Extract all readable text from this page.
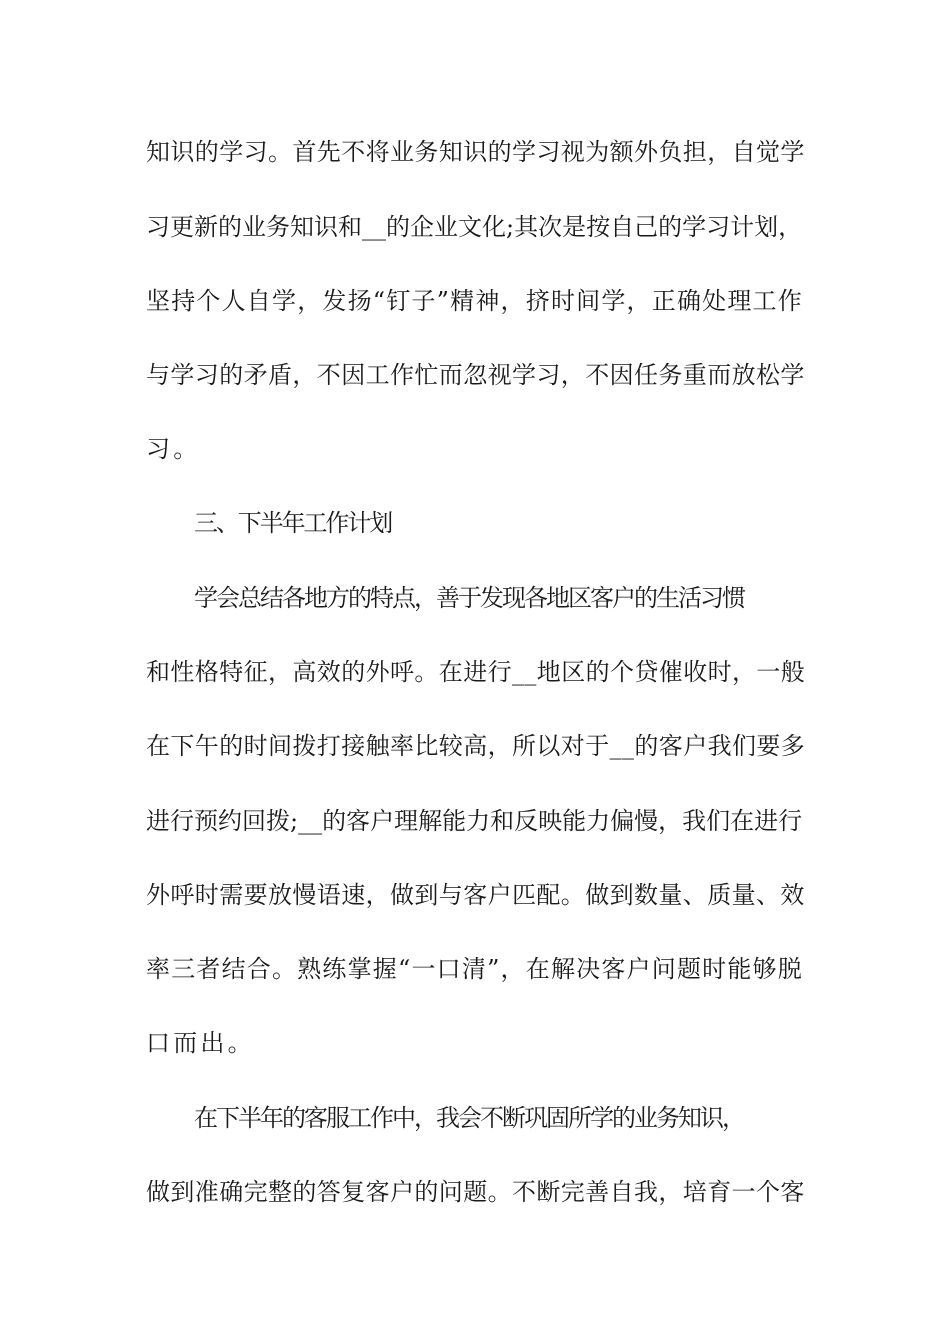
知识的学习。首先不将业务知识的学习视为额外负担，自觉学
习更新的业务知识和__的企业文化;其次是按自己的学习计划，
坚持个人自学，发扬“钉子”精神，挤时间学，正确处理工作
与学习的矛盾，不因工作忙而忽视学习，不因任务重而放松学
习。
三、下半年工作计划
学会总结各地方的特点，善于发现各地区客户的生活习惯
和性格特征，高效的外呼。在进行__地区的个贷催收时，一般
在下午的时间拨打接触率比较高，所以对于__的客户我们要多
进行预约回拨;__的客户理解能力和反映能力偏慢，我们在进行
外呼时需要放慢语速，做到与客户匹配。做到数量、质量、效
率三者结合。熟练掌握“一口清”，在解决客户问题时能够脱
口而出。
在下半年的客服工作中，我会不断巩固所学的业务知识，
做到准确完整的答复客户的问题。不断完善自我，培育一个客
